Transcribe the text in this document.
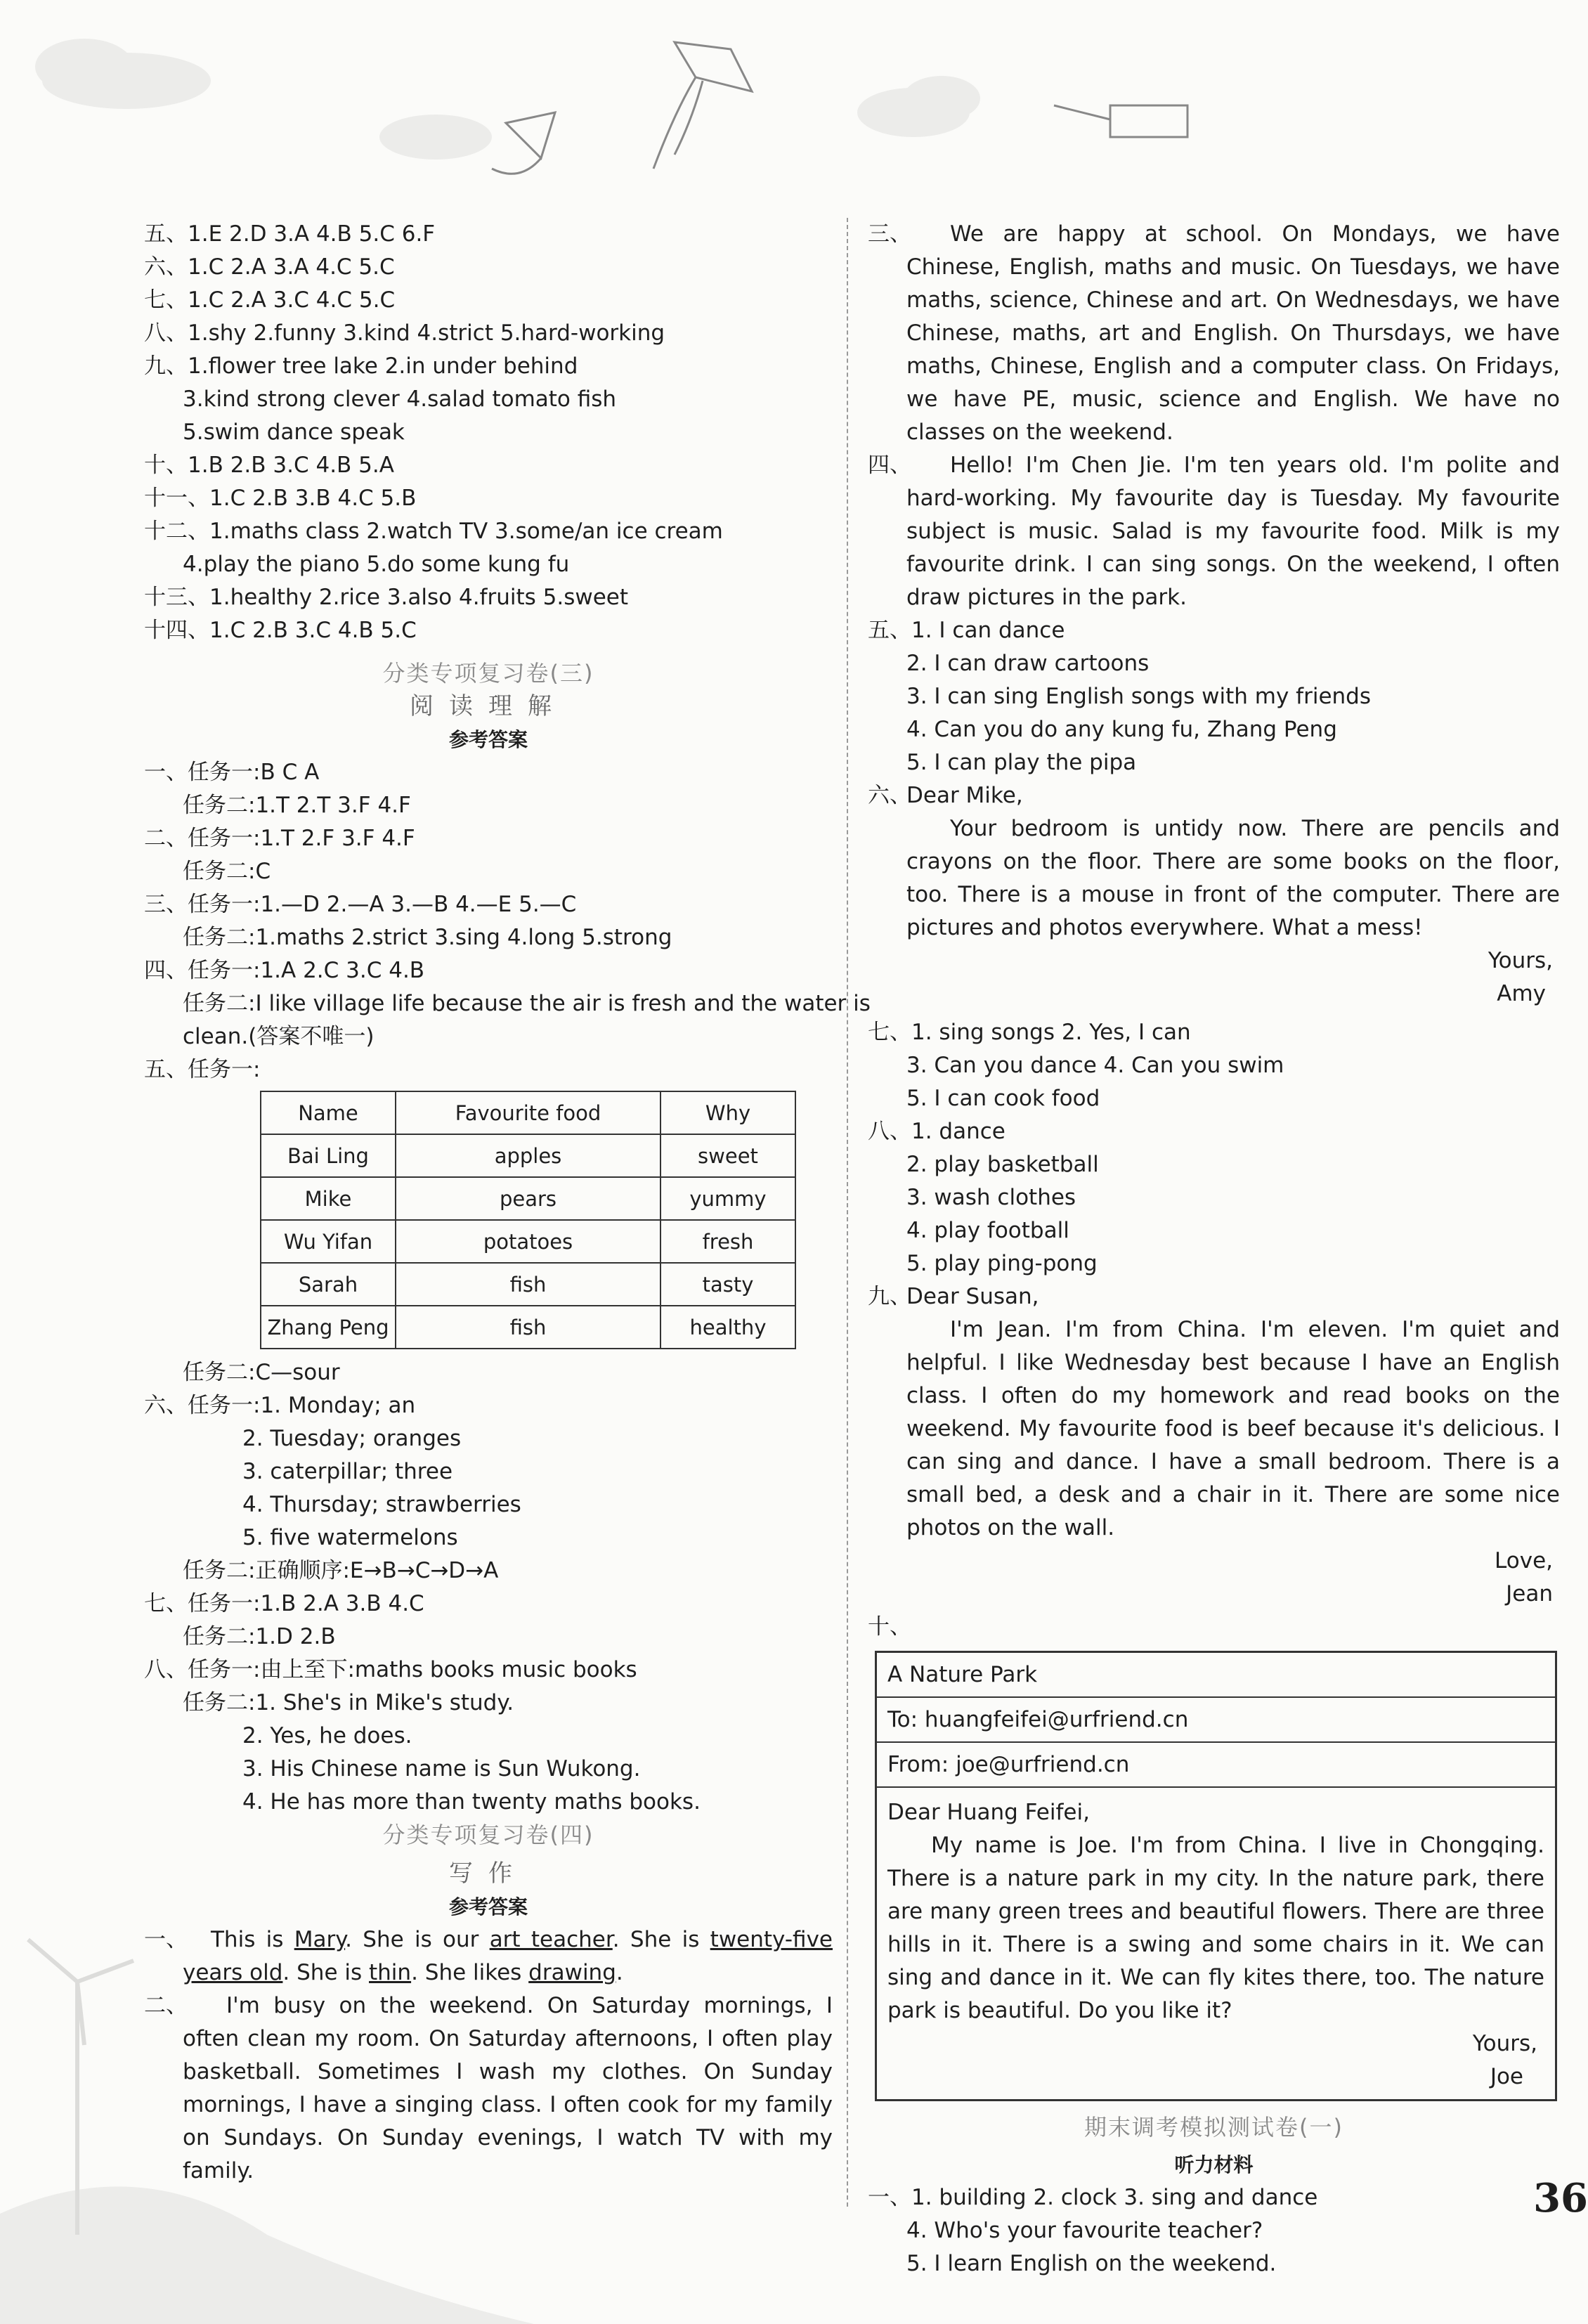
五、1.E 2.D 3.A 4.B 5.C 6.F
六、1.C 2.A 3.A 4.C 5.C
七、1.C 2.A 3.C 4.C 5.C
八、1.shy 2.funny 3.kind 4.strict 5.hard-working
九、1.flower tree lake 2.in under behind
3.kind strong clever 4.salad tomato fish
5.swim dance speak
十、1.B 2.B 3.C 4.B 5.A
十一、1.C 2.B 3.B 4.C 5.B
十二、1.maths class 2.watch TV 3.some/an ice cream
4.play the piano 5.do some kung fu
十三、1.healthy 2.rice 3.also 4.fruits 5.sweet
十四、1.C 2.B 3.C 4.B 5.C
分类专项复习卷(三)
阅读理解
参考答案
一、任务一:B C A
任务二:1.T 2.T 3.F 4.F
二、任务一:1.T 2.F 3.F 4.F
任务二:C
三、任务一:1.—D 2.—A 3.—B 4.—E 5.—C
任务二:1.maths 2.strict 3.sing 4.long 5.strong
四、任务一:1.A 2.C 3.C 4.B
任务二:I like village life because the air is fresh and the water is
clean.(答案不唯一)
五、任务一:
Name	Favourite food	Why
Bai Ling	apples	sweet
Mike	pears	yummy
Wu Yifan	potatoes	fresh
Sarah	fish	tasty
Zhang Peng	fish	healthy
任务二:C—sour
六、任务一:1. Monday; an
2. Tuesday; oranges
3. caterpillar; three
4. Thursday; strawberries
5. five watermelons
任务二:正确顺序:E→B→C→D→A
七、任务一:1.B 2.A 3.B 4.C
任务二:1.D 2.B
八、任务一:由上至下:maths books music books
任务二:1. She's in Mike's study.
2. Yes, he does.
3. His Chinese name is Sun Wukong.
4. He has more than twenty maths books.
分类专项复习卷(四)
写作
参考答案
一、 This is Mary. She is our art teacher. She is twenty-five years old. She is thin. She likes drawing.
二、	I'm busy on the weekend. On Saturday mornings, I often clean my room. On Saturday afternoons, I often play basketball. Sometimes I wash my clothes. On Sunday mornings, I have a singing class. I often cook for my family on Sundays. On Sunday evenings, I watch TV with my family.
三、	We are happy at school. On Mondays, we have Chinese, English, maths and music. On Tuesdays, we have maths, science, Chinese and art. On Wednesdays, we have Chinese, maths, art and English. On Thursdays, we have maths, Chinese, English and a computer class. On Fridays, we have PE, music, science and English. We have no classes on the weekend.
四、	Hello! I'm Chen Jie. I'm ten years old. I'm polite and hard-working. My favourite day is Tuesday. My favourite subject is music. Salad is my favourite food. Milk is my favourite drink. I can sing songs. On the weekend, I often draw pictures in the park.
五、1. I can dance
2. I can draw cartoons
3. I can sing English songs with my friends
4. Can you do any kung fu, Zhang Peng
5. I can play the pipa
六、
Dear Mike,
Your bedroom is untidy now. There are pencils and crayons on the floor. There are some books on the floor, too. There is a mouse in front of the computer. There are pictures and photos everywhere. What a mess!
Yours,
Amy
七、1. sing songs 2. Yes, I can
3. Can you dance 4. Can you swim
5. I can cook food
八、1. dance
2. play basketball
3. wash clothes
4. play football
5. play ping-pong
九、
Dear Susan,
I'm Jean. I'm from China. I'm eleven. I'm quiet and helpful. I like Wednesday best because I have an English class. I often do my homework and read books on the weekend. My favourite food is beef because it's delicious. I can sing and dance. I have a small bedroom. There is a small bed, a desk and a chair in it. There are some nice photos on the wall.
Love,
Jean
十、
A Nature Park
To: huangfeifei@urfriend.cn
From: joe@urfriend.cn
Dear Huang Feifei,
My name is Joe. I'm from China. I live in Chongqing. There is a nature park in my city. In the nature park, there are many green trees and beautiful flowers. There are three hills in it. There is a swing and some chairs in it. We can sing and dance in it. We can fly kites there, too. The nature park is beautiful. Do you like it?
Yours,
Joe
期末调考模拟测试卷(一)
听力材料
一、1. building 2. clock 3. sing and dance
4. Who's your favourite teacher?
5. I learn English on the weekend.
36
